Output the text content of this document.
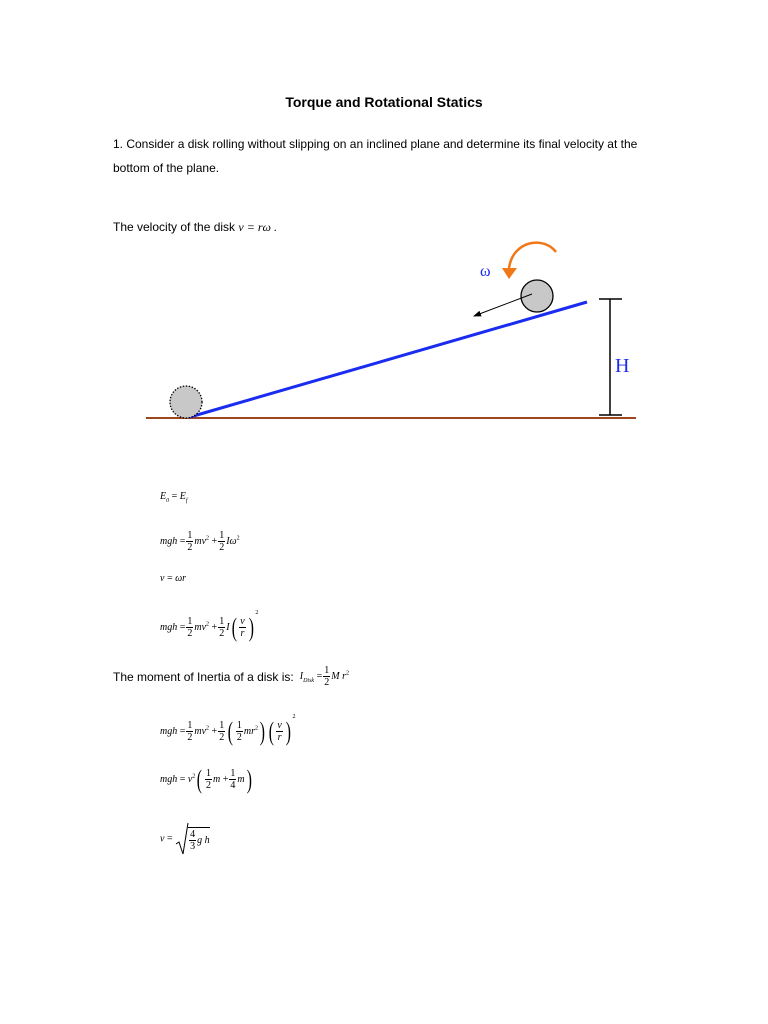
Torque and Rotational Statics
1. Consider a disk rolling without slipping on an inclined plane and determine its final velocity at the bottom of the plane.
The velocity of the disk v = rω .
ω
H
$E_0 = E_f$
mgh = $\frac{1}{2} mv^2 + \frac{1}{2} I\omega^2$
v = ωr
mgh = $\frac{1}{2} mv^2 + \frac{1}{2} I( \frac{v}{r}$ ) $^2$
The moment of Inertia of a disk is: $I_{Disk} = \frac{1}{2}$ M $r^2$
mgh = $\frac{1}{2} mv^2 + \frac{1}{2}$ ( $\frac{1}{2} mr^2$) ( $\frac{v}{r}$ ) $^2$
mgh = $v^2( \frac{1}{2}$ $m + \frac{1}{4} m$)
$v = \frac{4}{3}$ g h
